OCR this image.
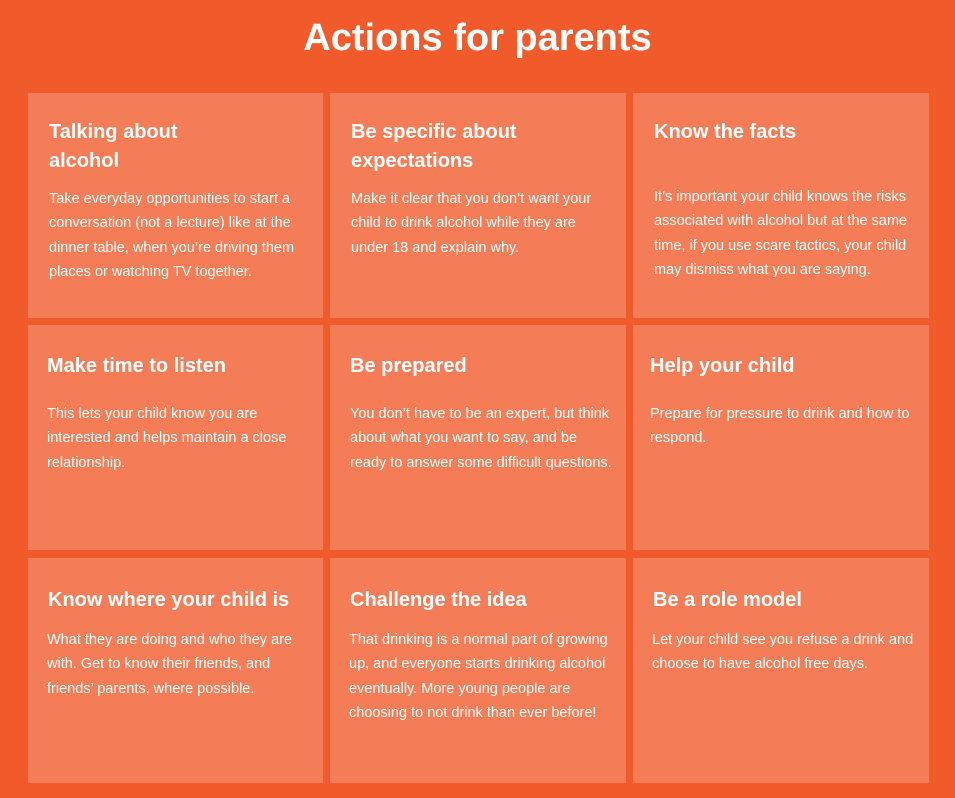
Actions for parents
Talking about
alcohol

Take everyday opportunities to start a conversation (not a lecture) like at the dinner table, when you’re driving them places or watching TV together.

Be specific about expectations

Make it clear that you don’t want your child to drink alcohol while they are under 18 and explain why.

Know the facts

It’s important your child knows the risks associated with alcohol but at the same time, if you use scare tactics, your child may dismiss what you are saying.

Make time to listen

This lets your child know you are interested and helps maintain a close relationship.

Be prepared

You don’t have to be an expert, but think about what you want to say, and be ready to answer some difficult questions.

Help your child

Prepare for pressure to drink and how to respond.

Know where your child is

What they are doing and who they are with. Get to know their friends, and friends’ parents, where possible.

Challenge the idea

That drinking is a normal part of growing up, and everyone starts drinking alcohol eventually. More young people are choosing to not drink than ever before!

Be a role model

Let your child see you refuse a drink and choose to have alcohol free days.
